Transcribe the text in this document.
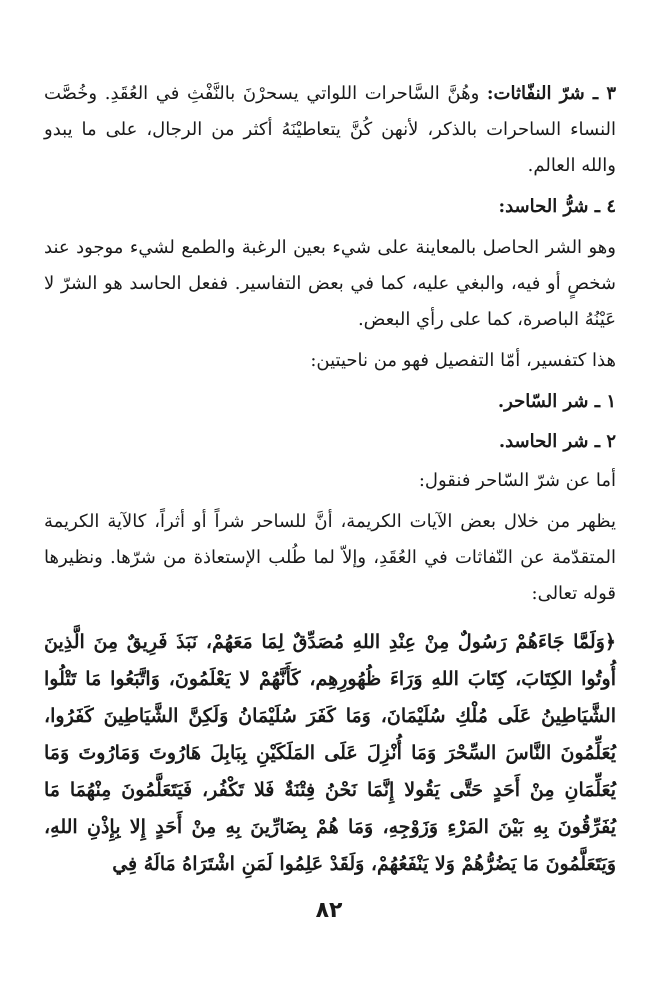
٣ ـ شرّ النفّاثات: وهُنَّ السَّاحرات اللواتي يسحرْنَ بالنَّفْثِ في العُقَدِ. وخُصَّت النساء الساحرات بالذكر، لأنهن كُنَّ يتعاطيْنَهُ أكثر من الرجال، على ما يبدو والله العالم.

٤ ـ شرُّ الحاسد:

وهو الشر الحاصل بالمعاينة على شيء بعين الرغبة والطمع لشيء موجود عند شخصٍ أو فيه، والبغي عليه، كما في بعض التفاسير. ففعل الحاسد هو الشرّ لا عَيْنُهُ الباصرة، كما على رأي البعض.

هذا كتفسير، أمّا التفصيل فهو من ناحيتين:

١ ـ شر السّاحر.

٢ ـ شر الحاسد.

أما عن شرّ السّاحر فنقول:

يظهر من خلال بعض الآيات الكريمة، أنَّ للساحر شراً أو أثراً، كالآية الكريمة المتقدّمة عن النّفاثات في العُقَدِ، وإلاّ لما طُلب الإستعاذة من شرّها. ونظيرها قوله تعالى:

﴿وَلَمَّا جَاءَهُمْ رَسُولٌ مِنْ عِنْدِ اللهِ مُصَدِّقٌ لِمَا مَعَهُمْ، نَبَذَ فَرِيقٌ مِنَ الَّذِينَ أُوتُوا الكِتَابَ، كِتَابَ اللهِ وَرَاءَ ظُهُورِهِم، كَأَنَّهُمْ لا يَعْلَمُونَ، وَاتَّبَعُوا مَا تَتْلُوا الشَّيَاطِينُ عَلَى مُلْكِ سُلَيْمَانَ، وَمَا كَفَرَ سُلَيْمَانُ وَلَكِنَّ الشَّيَاطِينَ كَفَرُوا، يُعَلِّمُونَ النَّاسَ السِّحْرَ وَمَا أُنْزِلَ عَلَى المَلَكَيْنِ بِبَابِلَ هَارُوتَ وَمَارُوتَ وَمَا يُعَلِّمَانِ مِنْ أَحَدٍ حَتَّى يَقُولا إِنَّمَا نَحْنُ فِتْنَةٌ فَلا تَكْفُر، فَيَتَعَلَّمُونَ مِنْهُمَا مَا يُفَرِّقُونَ بِهِ بَيْنَ المَرْءِ وَزَوْجِهِ، وَمَا هُمْ بِضَارِّينَ بِهِ مِنْ أَحَدٍ إِلا بِإِذْنِ اللهِ، وَيَتَعَلَّمُونَ مَا يَضُرُّهُمْ وَلا يَنْفَعُهُمْ، وَلَقَدْ عَلِمُوا لَمَنِ اشْتَرَاهُ مَالَهُ فِي

٨٢
